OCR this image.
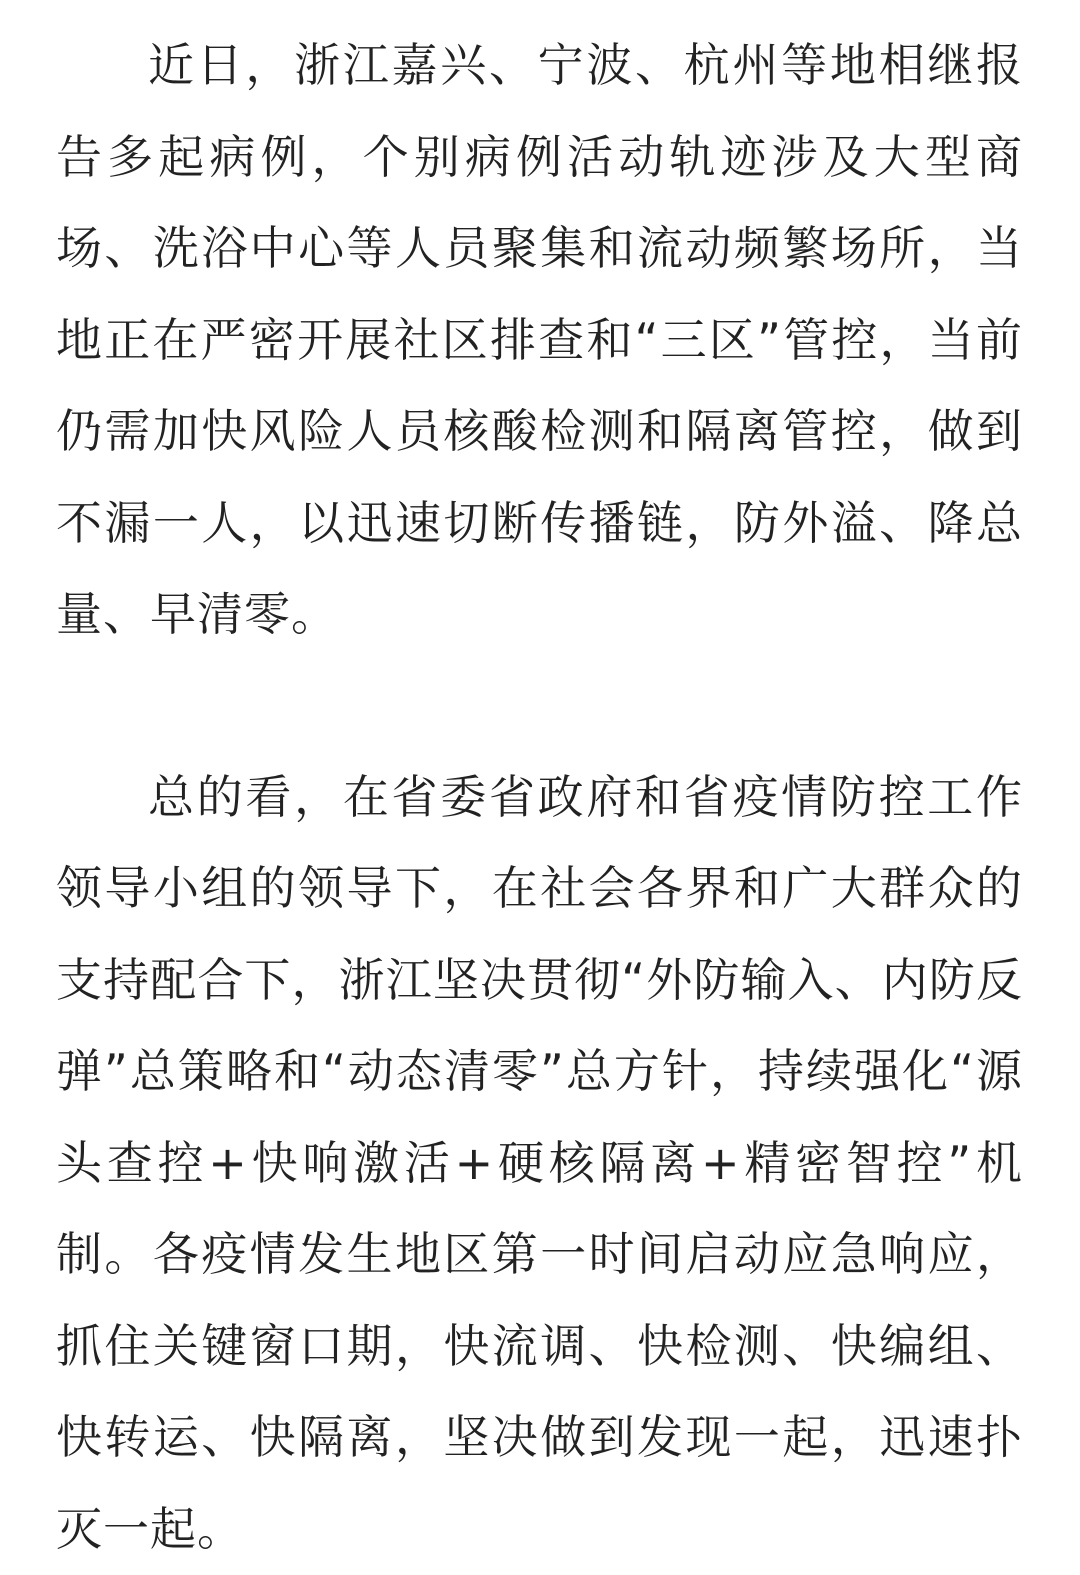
近日，浙江嘉兴、宁波、杭州等地相继报告多起病例，个别病例活动轨迹涉及大型商场、洗浴中心等人员聚集和流动频繁场所，当地正在严密开展社区排查和“三区”管控，当前仍需加快风险人员核酸检测和隔离管控，做到不漏一人，以迅速切断传播链，防外溢、降总量、早清零。

总的看，在省委省政府和省疫情防控工作领导小组的领导下，在社会各界和广大群众的支持配合下，浙江坚决贯彻“外防输入、内防反弹”总策略和“动态清零”总方针，持续强化“源头查控+快响激活+硬核隔离+精密智控”机制。各疫情发生地区第一时间启动应急响应，抓住关键窗口期，快流调、快检测、快编组、快转运、快隔离，坚决做到发现一起，迅速扑灭一起。
